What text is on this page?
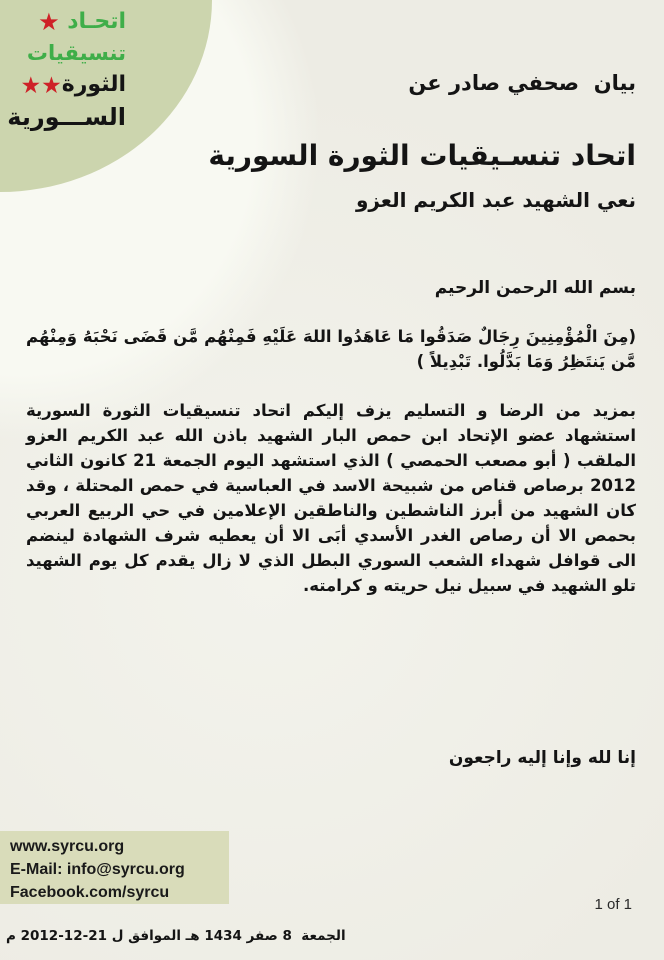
اتحـاد ★
تنسيقيات
الثورة★★
الســـورية

بيان  صحفي صادر عن

اتحاد تنسـيقيات الثورة السورية

نعي الشهيد عبد الكريم العزو
بسم الله الرحمن الرحيم
(مِنَ الْمُؤْمِنِينَ رِجَالٌ صَدَقُوا مَا عَاهَدُوا اللهَ عَلَيْهِ فَمِنْهُم مَّن قَضَى نَحْبَهُ وَمِنْهُم مَّن يَنتَظِرُ وَمَا بَدَّلُوا. تَبْدِيلاً )
بمزيد من الرضا و التسليم يزف إليكم اتحاد تنسيقيات الثورة السورية استشهاد عضو الإتحاد ابن حمص البار الشهيد باذن الله عبد الكريم العزو الملقب ( أبو مصعب الحمصي ) الذي استشهد اليوم الجمعة 21 كانون الثاني 2012 برصاص قناص من شبيحة الاسد في العباسية في حمص المحتلة ، وقد كان الشهيد من أبرز الناشطين والناطقين الإعلامين في حي الربيع العربي بحمص الا أن رصاص الغدر الأسدي أبَى الا أن يعطيه شرف الشهادة لينضم الى قوافل شهداء الشعب السوري البطل الذي لا زال يقدم كل يوم الشهيد تلو الشهيد في سبيل نيل حريته و كرامته.
إنا لله وإنا إليه راجعون
www.syrcu.org
E-Mail: info@syrcu.org
Facebook.com/syrcu
1 of 1
الجمعة  8 صفر 1434 هـ الموافق ل 21-12-2012 م
